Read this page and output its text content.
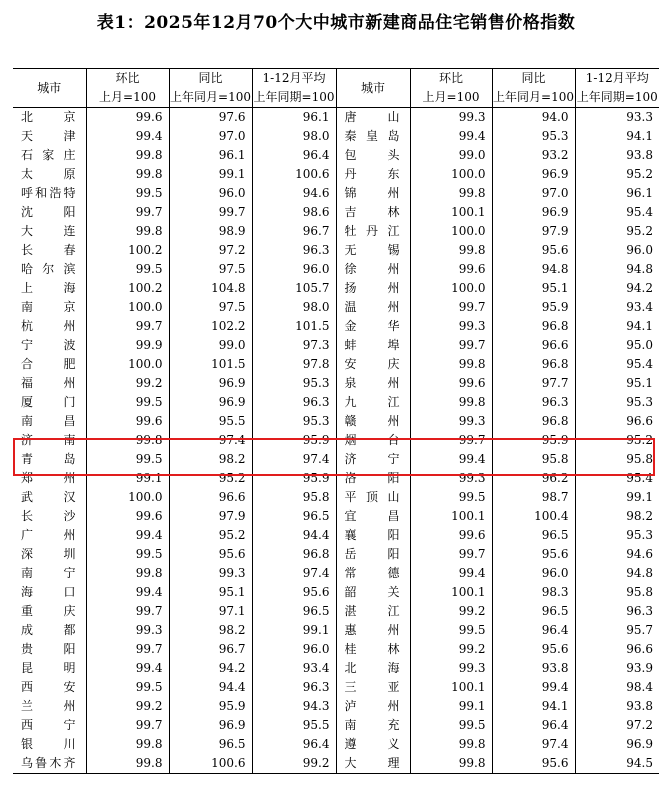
表1：2025年12月70个大中城市新建商品住宅销售价格指数
城市	环比	同比	1-12月平均	城市	环比	同比	1-12月平均
	上月=100	上年同月=100	上年同期=100		上月=100	上年同月=100	上年同期=100
北京	99.6	97.6	96.1	唐山	99.3	94.0	93.3
天津	99.4	97.0	98.0	秦皇岛	99.4	95.3	94.1
石家庄	99.8	96.1	96.4	包头	99.0	93.2	93.8
太原	99.8	99.1	100.6	丹东	100.0	96.9	95.2
呼和浩特	99.5	96.0	94.6	锦州	99.8	97.0	96.1
沈阳	99.7	99.7	98.6	吉林	100.1	96.9	95.4
大连	99.8	98.9	96.7	牡丹江	100.0	97.9	95.2
长春	100.2	97.2	96.3	无锡	99.8	95.6	96.0
哈尔滨	99.5	97.5	96.0	徐州	99.6	94.8	94.8
上海	100.2	104.8	105.7	扬州	100.0	95.1	94.2
南京	100.0	97.5	98.0	温州	99.7	95.9	93.4
杭州	99.7	102.2	101.5	金华	99.3	96.8	94.1
宁波	99.9	99.0	97.3	蚌埠	99.7	96.6	95.0
合肥	100.0	101.5	97.8	安庆	99.8	96.8	95.4
福州	99.2	96.9	95.3	泉州	99.6	97.7	95.1
厦门	99.5	96.9	96.3	九江	99.8	96.3	95.3
南昌	99.6	95.5	95.3	赣州	99.3	96.8	96.6
济南	99.8	97.4	95.9	烟台	99.7	95.9	95.2
青岛	99.5	98.2	97.4	济宁	99.4	95.8	95.8
郑州	99.1	95.2	95.9	洛阳	99.3	96.2	95.4
武汉	100.0	96.6	95.8	平顶山	99.5	98.7	99.1
长沙	99.6	97.9	96.5	宜昌	100.1	100.4	98.2
广州	99.4	95.2	94.4	襄阳	99.6	96.5	95.3
深圳	99.5	95.6	96.8	岳阳	99.7	95.6	94.6
南宁	99.8	99.3	97.4	常德	99.4	96.0	94.8
海口	99.4	95.1	95.6	韶关	100.1	98.3	95.8
重庆	99.7	97.1	96.5	湛江	99.2	96.5	96.3
成都	99.3	98.2	99.1	惠州	99.5	96.4	95.7
贵阳	99.7	96.7	96.0	桂林	99.2	95.6	96.6
昆明	99.4	94.2	93.4	北海	99.3	93.8	93.9
西安	99.5	94.4	96.3	三亚	100.1	99.4	98.4
兰州	99.2	95.9	94.3	泸州	99.1	94.1	93.8
西宁	99.7	96.9	95.5	南充	99.5	96.4	97.2
银川	99.8	96.5	96.4	遵义	99.8	97.4	96.9
乌鲁木齐	99.8	100.6	99.2	大理	99.8	95.6	94.5
